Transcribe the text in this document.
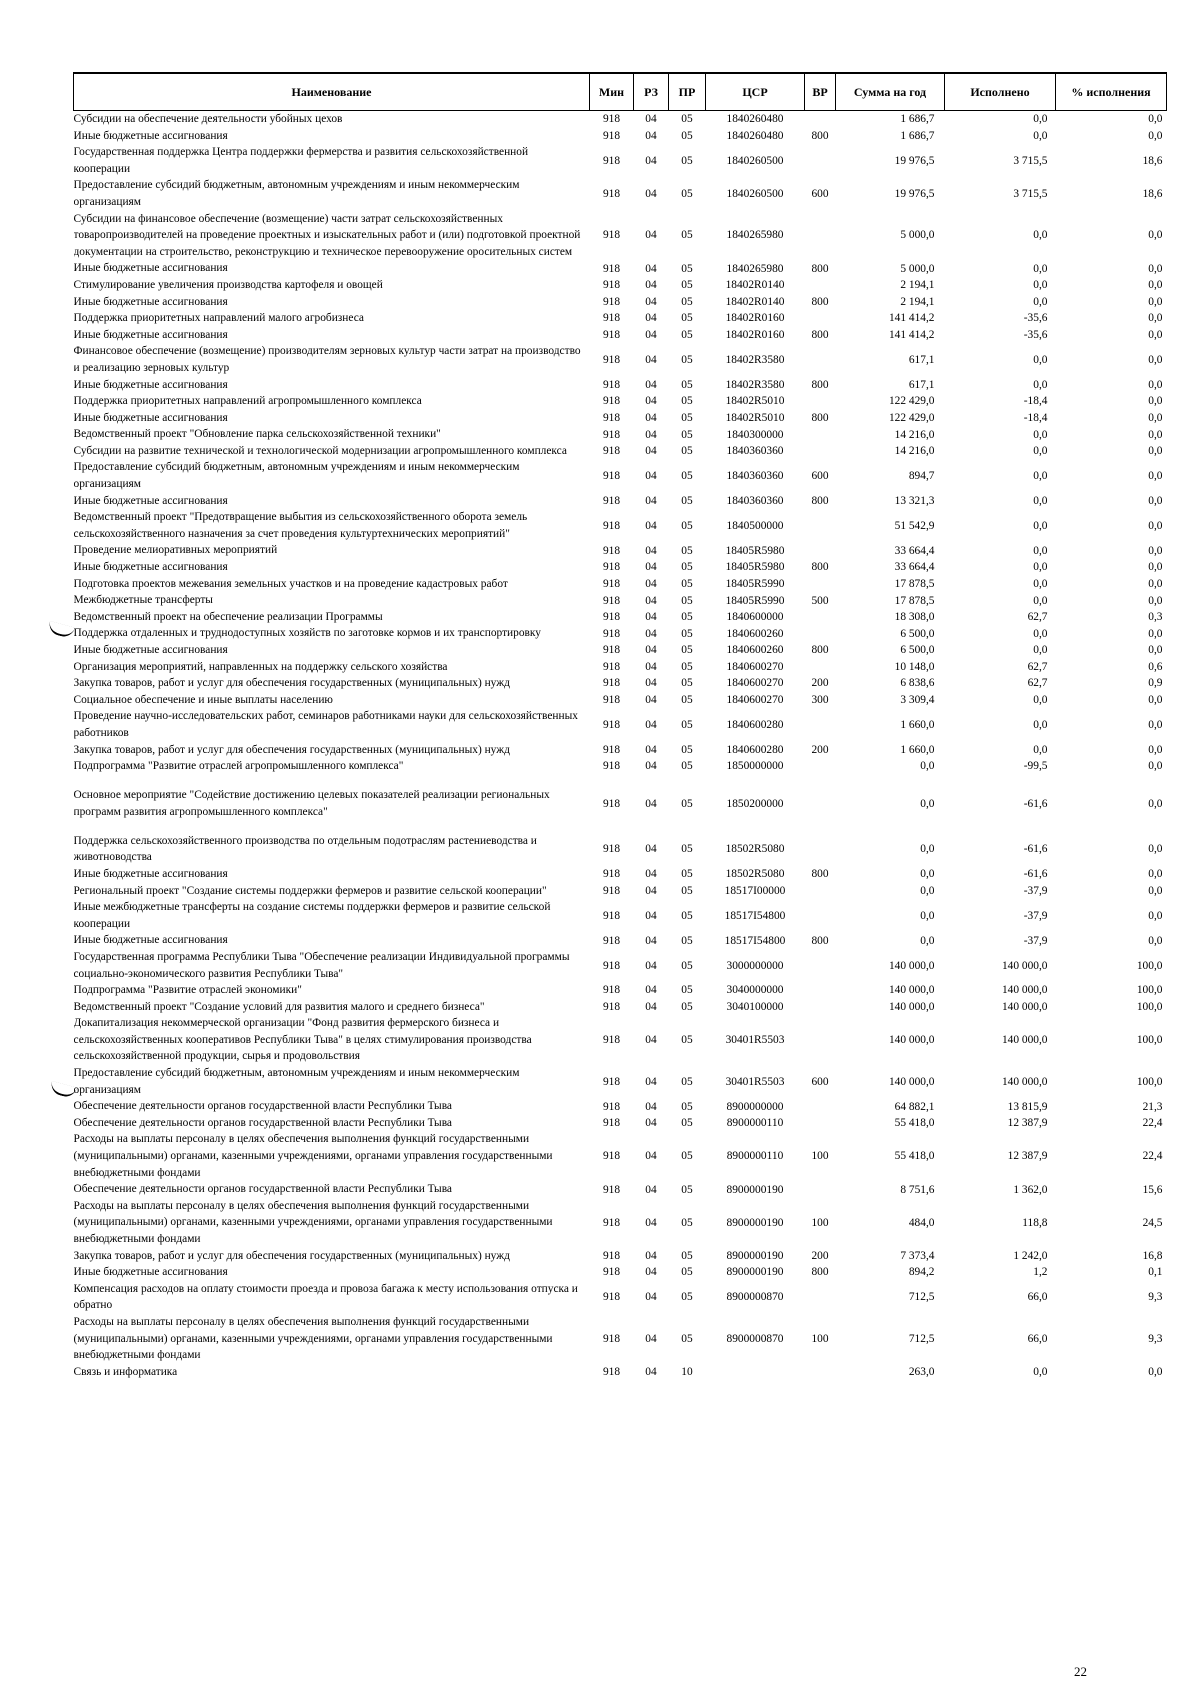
Наименование	Мин	РЗ	ПР	ЦСР	ВР	Сумма на год	Исполнено	% исполнения
Субсидии на обеспечение деятельности убойных цехов	918	04	05	1840260480		1 686,7	0,0	0,0
Иные бюджетные ассигнования	918	04	05	1840260480	800	1 686,7	0,0	0,0
Государственная поддержка Центра поддержки фермерства и развития сельскохозяйственной кооперации	918	04	05	1840260500		19 976,5	3 715,5	18,6
Предоставление субсидий бюджетным, автономным учреждениям и иным некоммерческим организациям	918	04	05	1840260500	600	19 976,5	3 715,5	18,6
Субсидии на финансовое обеспечение (возмещение) части затрат сельскохозяйственных товаропроизводителей на проведение проектных и изыскательных работ и (или) подготовкой проектной документации на строительство, реконструкцию и техническое перевооружение оросительных систем	918	04	05	1840265980		5 000,0	0,0	0,0
Иные бюджетные ассигнования	918	04	05	1840265980	800	5 000,0	0,0	0,0
Стимулирование увеличения производства картофеля и овощей	918	04	05	18402R0140		2 194,1	0,0	0,0
Иные бюджетные ассигнования	918	04	05	18402R0140	800	2 194,1	0,0	0,0
Поддержка приоритетных направлений малого агробизнеса	918	04	05	18402R0160		141 414,2	-35,6	0,0
Иные бюджетные ассигнования	918	04	05	18402R0160	800	141 414,2	-35,6	0,0
Финансовое обеспечение (возмещение) производителям зерновых культур части затрат на производство и реализацию зерновых культур	918	04	05	18402R3580		617,1	0,0	0,0
Иные бюджетные ассигнования	918	04	05	18402R3580	800	617,1	0,0	0,0
Поддержка приоритетных направлений агропромышленного комплекса	918	04	05	18402R5010		122 429,0	-18,4	0,0
Иные бюджетные ассигнования	918	04	05	18402R5010	800	122 429,0	-18,4	0,0
Ведомственный проект "Обновление парка сельскохозяйственной техники"	918	04	05	1840300000		14 216,0	0,0	0,0
Субсидии на развитие технической и технологической модернизации агропромышленного комплекса	918	04	05	1840360360		14 216,0	0,0	0,0
Предоставление субсидий бюджетным, автономным учреждениям и иным некоммерческим организациям	918	04	05	1840360360	600	894,7	0,0	0,0
Иные бюджетные ассигнования	918	04	05	1840360360	800	13 321,3	0,0	0,0
Ведомственный проект "Предотвращение выбытия из сельскохозяйственного оборота земель сельскохозяйственного назначения за счет проведения культуртехнических мероприятий"	918	04	05	1840500000		51 542,9	0,0	0,0
Проведение мелиоративных мероприятий	918	04	05	18405R5980		33 664,4	0,0	0,0
Иные бюджетные ассигнования	918	04	05	18405R5980	800	33 664,4	0,0	0,0
Подготовка проектов межевания земельных участков и на проведение кадастровых работ	918	04	05	18405R5990		17 878,5	0,0	0,0
Межбюджетные трансферты	918	04	05	18405R5990	500	17 878,5	0,0	0,0
Ведомственный проект на обеспечение реализации Программы	918	04	05	1840600000		18 308,0	62,7	0,3
Поддержка отдаленных и труднодоступных хозяйств по заготовке кормов и их транспортировку	918	04	05	1840600260		6 500,0	0,0	0,0
Иные бюджетные ассигнования	918	04	05	1840600260	800	6 500,0	0,0	0,0
Организация мероприятий, направленных на поддержку сельского хозяйства	918	04	05	1840600270		10 148,0	62,7	0,6
Закупка товаров, работ и услуг для обеспечения государственных (муниципальных) нужд	918	04	05	1840600270	200	6 838,6	62,7	0,9
Социальное обеспечение и иные выплаты населению	918	04	05	1840600270	300	3 309,4	0,0	0,0
Проведение научно-исследовательских работ, семинаров работниками науки для сельскохозяйственных работников	918	04	05	1840600280		1 660,0	0,0	0,0
Закупка товаров, работ и услуг для обеспечения государственных (муниципальных) нужд	918	04	05	1840600280	200	1 660,0	0,0	0,0
Подпрограмма "Развитие отраслей агропромышленного комплекса"	918	04	05	1850000000		0,0	-99,5	0,0
Основное мероприятие "Содействие достижению целевых показателей реализации региональных программ развития агропромышленного комплекса"	918	04	05	1850200000		0,0	-61,6	0,0
Поддержка сельскохозяйственного производства по отдельным подотраслям растениеводства и животноводства	918	04	05	18502R5080		0,0	-61,6	0,0
Иные бюджетные ассигнования	918	04	05	18502R5080	800	0,0	-61,6	0,0
Региональный проект "Создание системы поддержки фермеров и развитие сельской кооперации"	918	04	05	18517I00000		0,0	-37,9	0,0
Иные межбюджетные трансферты на создание системы поддержки фермеров и развитие сельской кооперации	918	04	05	18517I54800		0,0	-37,9	0,0
Иные бюджетные ассигнования	918	04	05	18517I54800	800	0,0	-37,9	0,0
Государственная программа Республики Тыва "Обеспечение реализации Индивидуальной программы социально-экономического развития Республики Тыва"	918	04	05	3000000000		140 000,0	140 000,0	100,0
Подпрограмма "Развитие отраслей экономики"	918	04	05	3040000000		140 000,0	140 000,0	100,0
Ведомственный проект "Создание условий для развития малого и среднего бизнеса"	918	04	05	3040100000		140 000,0	140 000,0	100,0
Докапитализация некоммерческой организации "Фонд развития фермерского бизнеса и сельскохозяйственных кооперативов Республики Тыва" в целях стимулирования производства сельскохозяйственной продукции, сырья и продовольствия	918	04	05	30401R5503		140 000,0	140 000,0	100,0
Предоставление субсидий бюджетным, автономным учреждениям и иным некоммерческим организациям	918	04	05	30401R5503	600	140 000,0	140 000,0	100,0
Обеспечение деятельности органов государственной власти Республики Тыва	918	04	05	8900000000		64 882,1	13 815,9	21,3
Обеспечение деятельности органов государственной власти Республики Тыва	918	04	05	8900000110		55 418,0	12 387,9	22,4
Расходы на выплаты персоналу в целях обеспечения выполнения функций государственными (муниципальными) органами, казенными учреждениями, органами управления государственными внебюджетными фондами	918	04	05	8900000110	100	55 418,0	12 387,9	22,4
Обеспечение деятельности органов государственной власти Республики Тыва	918	04	05	8900000190		8 751,6	1 362,0	15,6
Расходы на выплаты персоналу в целях обеспечения выполнения функций государственными (муниципальными) органами, казенными учреждениями, органами управления государственными внебюджетными фондами	918	04	05	8900000190	100	484,0	118,8	24,5
Закупка товаров, работ и услуг для обеспечения государственных (муниципальных) нужд	918	04	05	8900000190	200	7 373,4	1 242,0	16,8
Иные бюджетные ассигнования	918	04	05	8900000190	800	894,2	1,2	0,1
Компенсация расходов на оплату стоимости проезда и провоза багажа к месту использования отпуска и обратно	918	04	05	8900000870		712,5	66,0	9,3
Расходы на выплаты персоналу в целях обеспечения выполнения функций государственными (муниципальными) органами, казенными учреждениями, органами управления государственными внебюджетными фондами	918	04	05	8900000870	100	712,5	66,0	9,3
Связь и информатика	918	04	10			263,0	0,0	0,0
22
